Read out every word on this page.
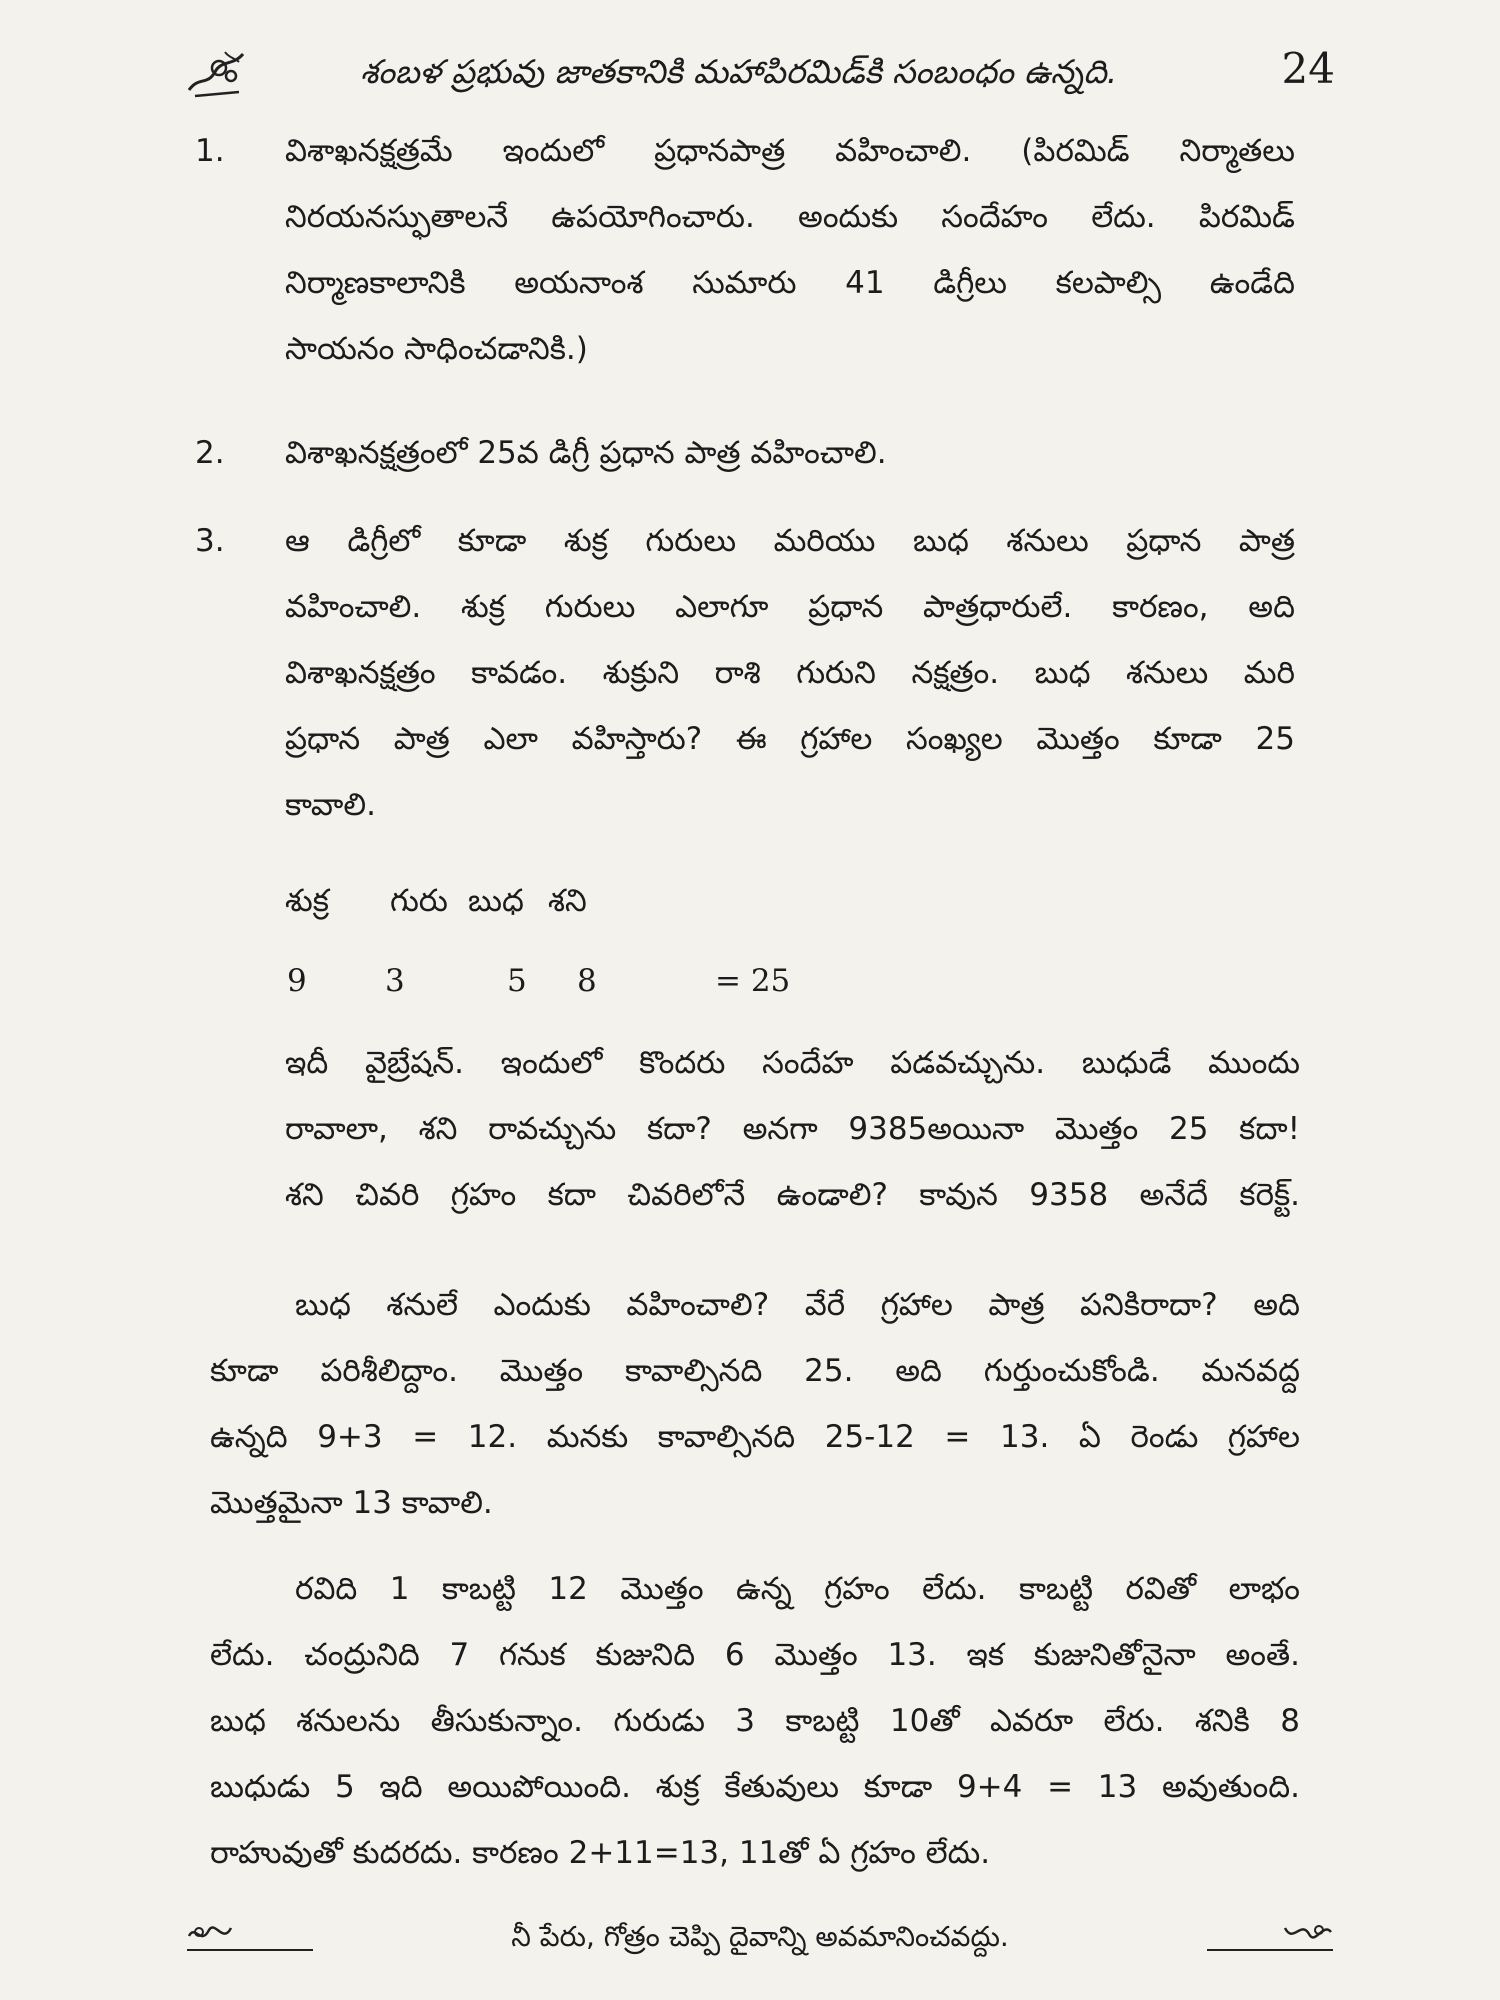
శంబళ ప్రభువు జాతకానికి మహాపిరమిడ్‌కి సంబంధం ఉన్నది.	24
1.	విశాఖనక్షత్రమే ఇందులో ప్రధానపాత్ర వహించాలి. (పిరమిడ్ నిర్మాతలు
నిరయనస్ఫుతాలనే ఉపయోగించారు. అందుకు సందేహం లేదు. పిరమిడ్
నిర్మాణకాలానికి అయనాంశ సుమారు 41 డిగ్రీలు కలపాల్సి ఉండేది
సాయనం సాధించడానికి.)
2.	విశాఖనక్షత్రంలో 25వ డిగ్రీ ప్రధాన పాత్ర వహించాలి.
3.	ఆ డిగ్రీలో కూడా శుక్ర గురులు మరియు బుధ శనులు ప్రధాన పాత్ర
వహించాలి. శుక్ర గురులు ఎలాగూ ప్రధాన పాత్రధారులే. కారణం, అది
విశాఖనక్షత్రం కావడం. శుక్రుని రాశి గురుని నక్షత్రం. బుధ శనులు మరి
ప్రధాన పాత్ర ఎలా వహిస్తారు? ఈ గ్రహాల సంఖ్యల మొత్తం కూడా 25
కావాలి.
శుక్ర గురు బుధ శని
9	3	5 8	= 25
ఇదీ వైబ్రేషన్. ఇందులో కొందరు సందేహ పడవచ్చును. బుధుడే ముందు
రావాలా, శని రావచ్చును కదా? అనగా 9385అయినా మొత్తం 25 కదా!
శని చివరి గ్రహం కదా చివరిలోనే ఉండాలి? కావున 9358 అనేదే కరెక్ట్.
బుధ శనులే ఎందుకు వహించాలి? వేరే గ్రహాల పాత్ర పనికిరాదా? అది
కూడా పరిశీలిద్దాం. మొత్తం కావాల్సినది 25. అది గుర్తుంచుకోండి. మనవద్ద
ఉన్నది 9+3 = 12. మనకు కావాల్సినది 25-12 = 13. ఏ రెండు గ్రహాల
మొత్తమైనా 13 కావాలి.
రవిది 1 కాబట్టి 12 మొత్తం ఉన్న గ్రహం లేదు. కాబట్టి రవితో లాభం
లేదు. చంద్రునిది 7 గనుక కుజునిది 6 మొత్తం 13. ఇక కుజునితోనైనా అంతే.
బుధ శనులను తీసుకున్నాం. గురుడు 3 కాబట్టి 10తో ఎవరూ లేరు. శనికి 8
బుధుడు 5 ఇది అయిపోయింది. శుక్ర కేతువులు కూడా 9+4 = 13 అవుతుంది.
రాహువుతో కుదరదు. కారణం 2+11=13, 11తో ఏ గ్రహం లేదు.
నీ పేరు, గోత్రం చెప్పి దైవాన్ని అవమానించవద్దు.
